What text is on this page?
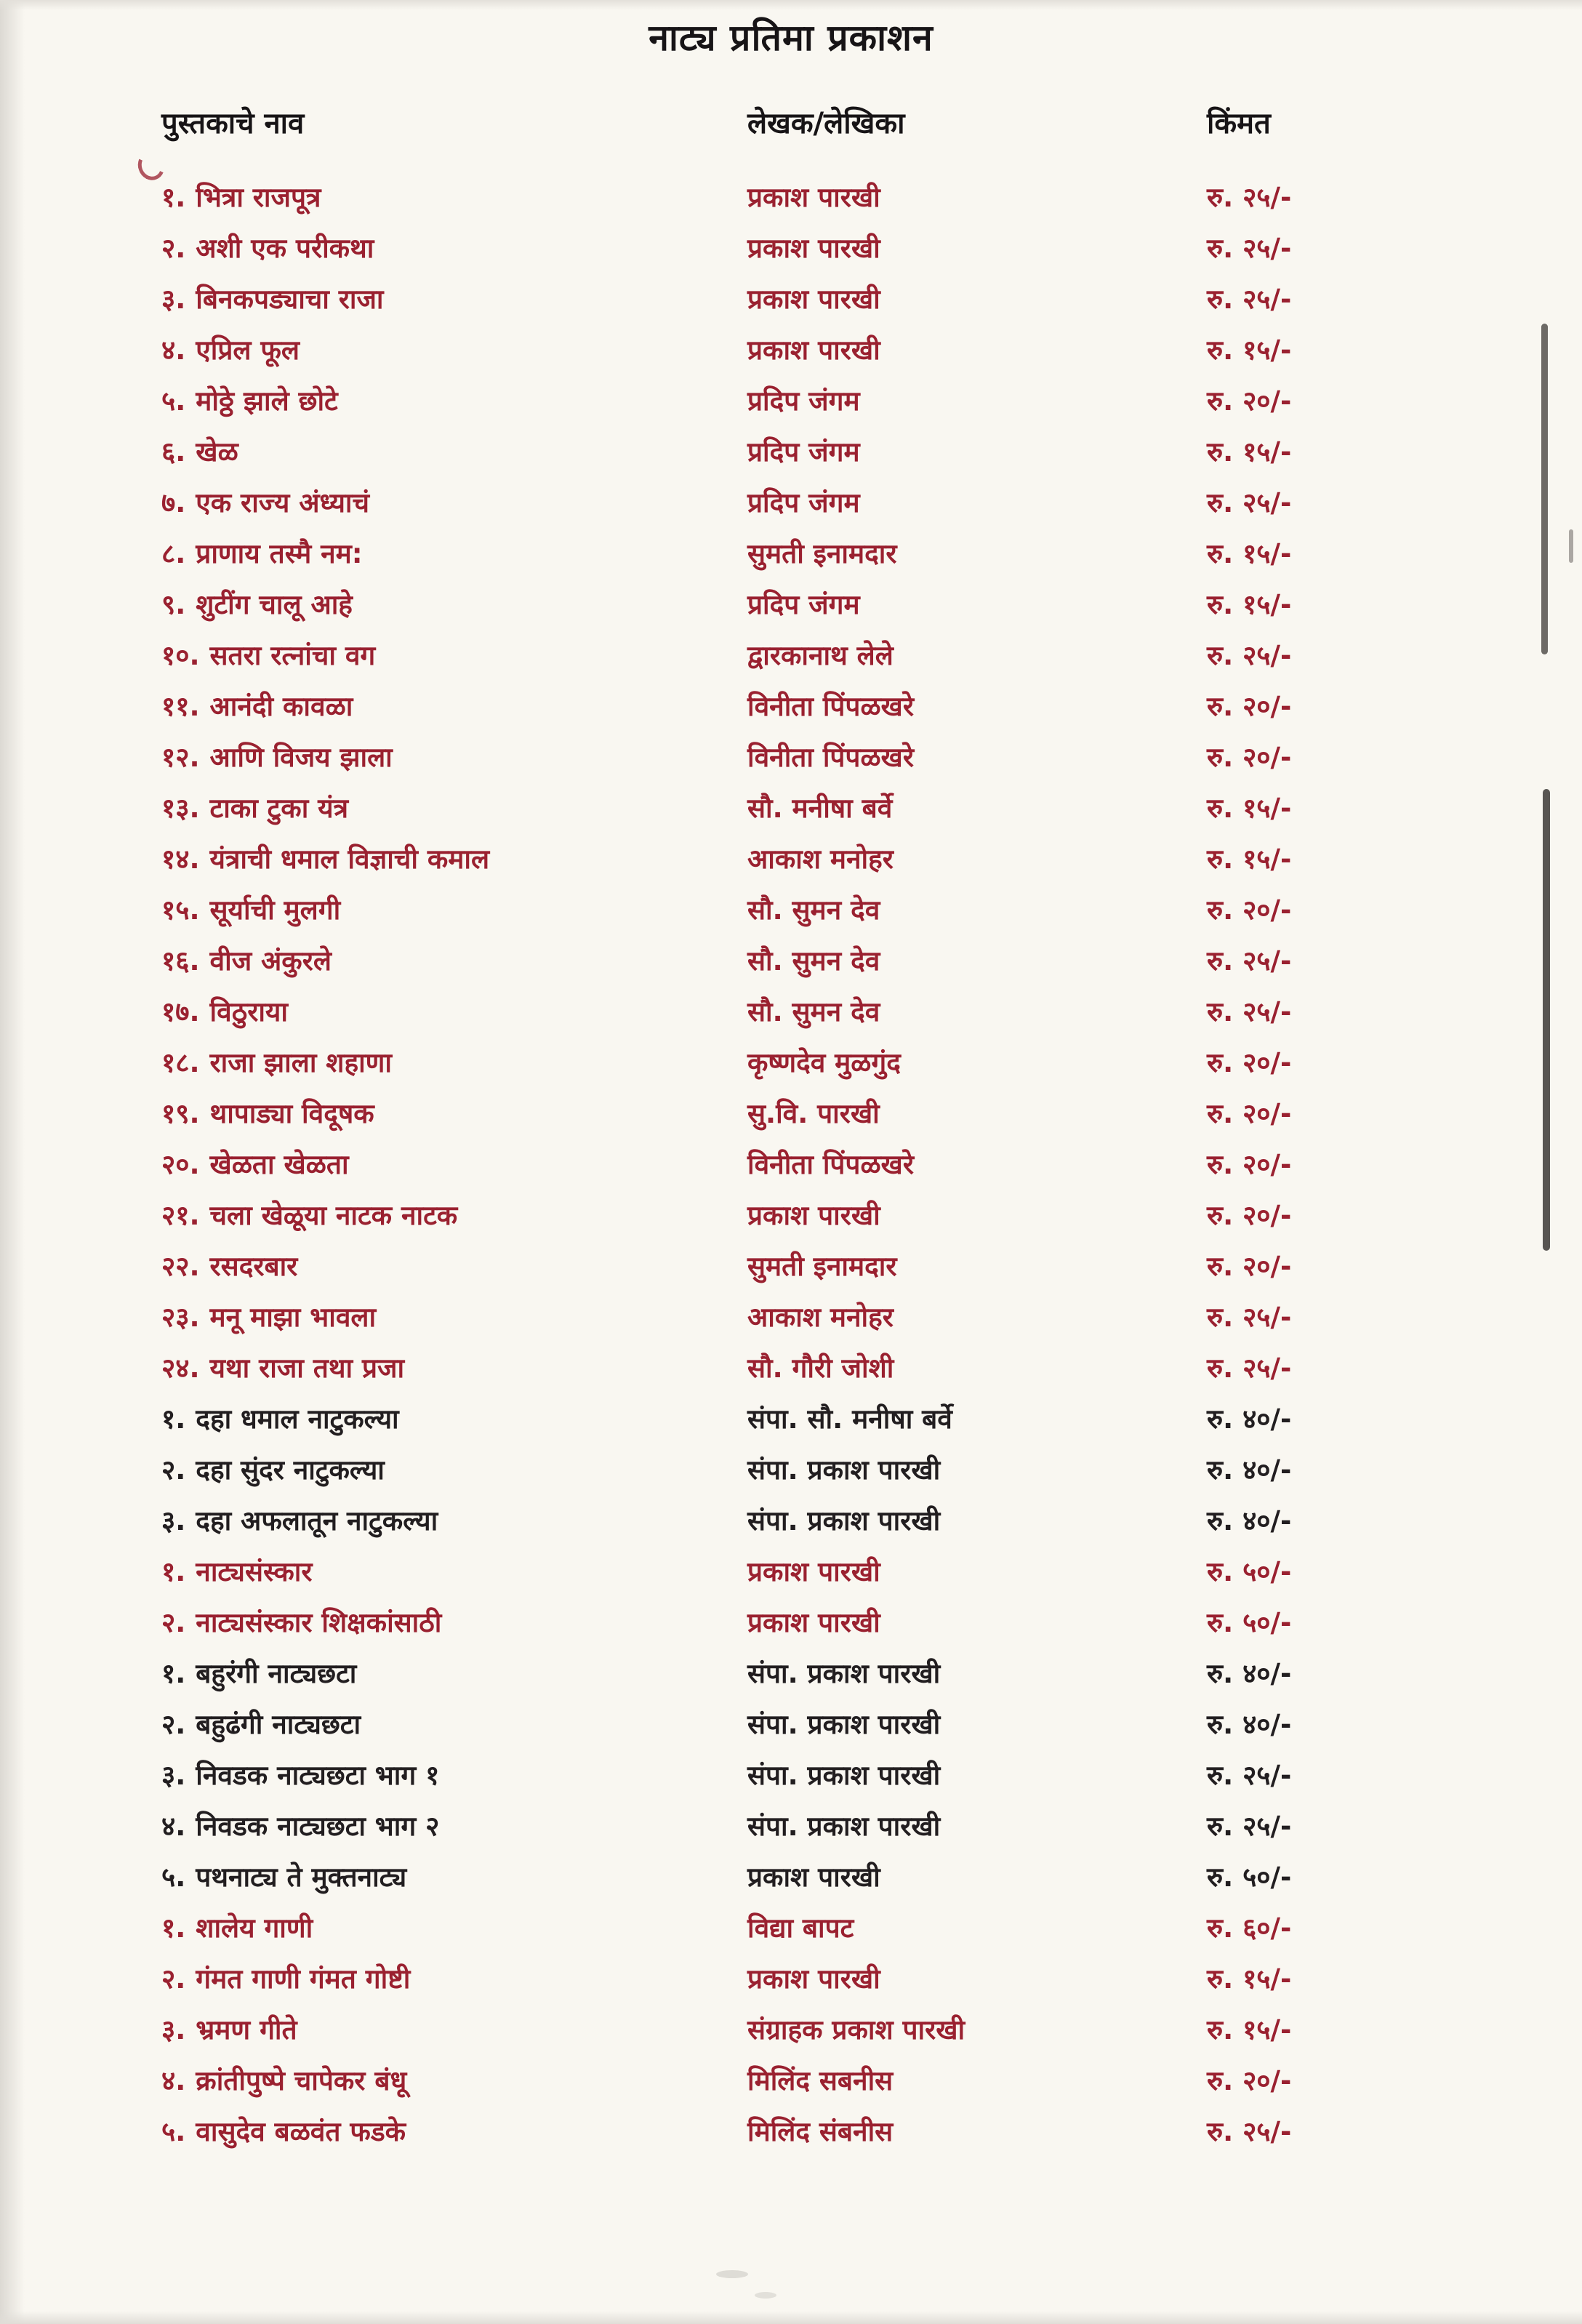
नाट्य प्रतिमा प्रकाशन
पुस्तकाचे नाव	लेखक/लेखिका	किंमत
१. भित्रा राजपूत्र	प्रकाश पारखी	रु. २५/-
२. अशी एक परीकथा	प्रकाश पारखी	रु. २५/-
३. बिनकपड्याचा राजा	प्रकाश पारखी	रु. २५/-
४. एप्रिल फूल	प्रकाश पारखी	रु. १५/-
५. मोठ्ठे झाले छोटे	प्रदिप जंगम	रु. २०/-
६. खेळ	प्रदिप जंगम	रु. १५/-
७. एक राज्य अंध्याचं	प्रदिप जंगम	रु. २५/-
८. प्राणाय तस्मै नम:	सुमती इनामदार	रु. १५/-
९. शुटींग चालू आहे	प्रदिप जंगम	रु. १५/-
१०. सतरा रत्नांचा वग	द्वारकानाथ लेले	रु. २५/-
११. आनंदी कावळा	विनीता पिंपळखरे	रु. २०/-
१२. आणि विजय झाला	विनीता पिंपळखरे	रु. २०/-
१३. टाका टुका यंत्र	सौ. मनीषा बर्वे	रु. १५/-
१४. यंत्राची धमाल विज्ञाची कमाल	आकाश मनोहर	रु. १५/-
१५. सूर्याची मुलगी	सौ. सुमन देव	रु. २०/-
१६. वीज अंकुरले	सौ. सुमन देव	रु. २५/-
१७. विठुराया	सौ. सुमन देव	रु. २५/-
१८. राजा झाला शहाणा	कृष्णदेव मुळगुंद	रु. २०/-
१९. थापाड्या विदूषक	सु.वि. पारखी	रु. २०/-
२०. खेळता खेळता	विनीता पिंपळखरे	रु. २०/-
२१. चला खेळूया नाटक नाटक	प्रकाश पारखी	रु. २०/-
२२. रसदरबार	सुमती इनामदार	रु. २०/-
२३. मनू माझा भावला	आकाश मनोहर	रु. २५/-
२४. यथा राजा तथा प्रजा	सौ. गौरी जोशी	रु. २५/-
१. दहा धमाल नाटुकल्या	संपा. सौ. मनीषा बर्वे	रु. ४०/-
२. दहा सुंदर नाटुकल्या	संपा. प्रकाश पारखी	रु. ४०/-
३. दहा अफलातून नाटुकल्या	संपा. प्रकाश पारखी	रु. ४०/-
१. नाट्यसंस्कार	प्रकाश पारखी	रु. ५०/-
२. नाट्यसंस्कार शिक्षकांसाठी	प्रकाश पारखी	रु. ५०/-
१. बहुरंगी नाट्यछटा	संपा. प्रकाश पारखी	रु. ४०/-
२. बहुढंगी नाट्यछटा	संपा. प्रकाश पारखी	रु. ४०/-
३. निवडक नाट्यछटा भाग १	संपा. प्रकाश पारखी	रु. २५/-
४. निवडक नाट्यछटा भाग २	संपा. प्रकाश पारखी	रु. २५/-
५. पथनाट्य ते मुक्तनाट्य	प्रकाश पारखी	रु. ५०/-
१. शालेय गाणी	विद्या बापट	रु. ६०/-
२. गंमत गाणी गंमत गोष्टी	प्रकाश पारखी	रु. १५/-
३. भ्रमण गीते	संग्राहक प्रकाश पारखी	रु. १५/-
४. क्रांतीपुष्पे चापेकर बंधू	मिलिंद सबनीस	रु. २०/-
५. वासुदेव बळवंत फडके	मिलिंद संबनीस	रु. २५/-
